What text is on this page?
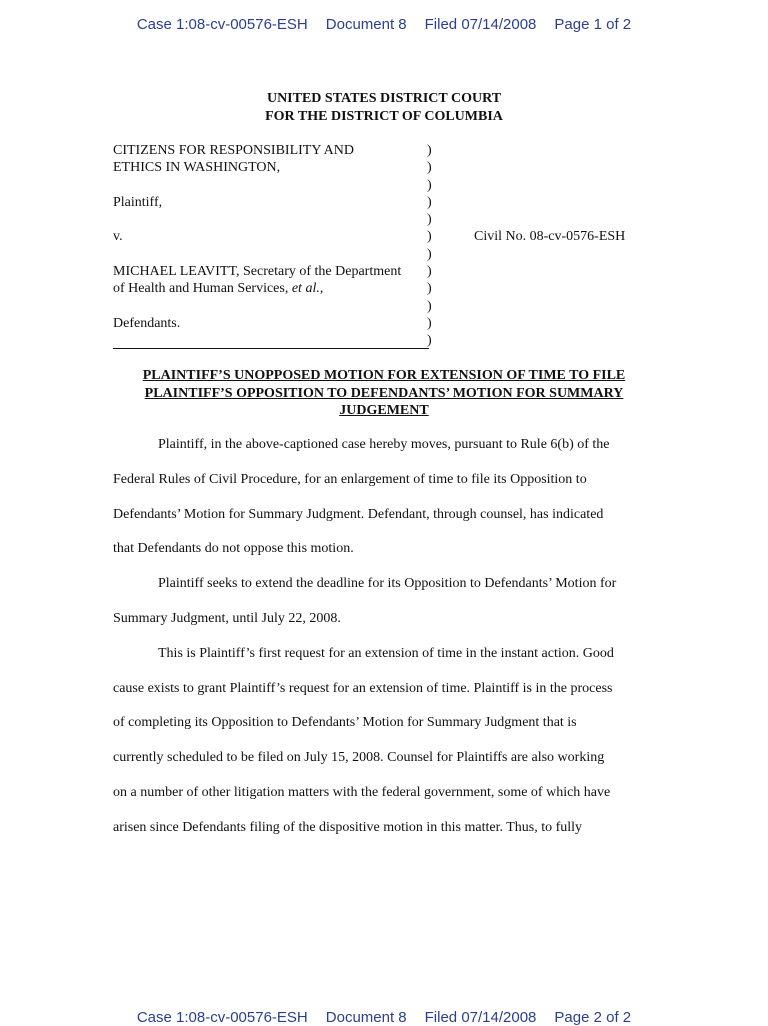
Case 1:08-cv-00576-ESH Document 8 Filed 07/14/2008 Page 1 of 2
UNITED STATES DISTRICT COURT
FOR THE DISTRICT OF COLUMBIA
CITIZENS FOR RESPONSIBILITY AND
ETHICS IN WASHINGTON,
Plaintiff,
v.
MICHAEL LEAVITT, Secretary of the Department
of Health and Human Services, et al.,
Defendants.
)
)
)
)
)
)
)
)
)
)
)
)
Civil No. 08-cv-0576-ESH
PLAINTIFF’S UNOPPOSED MOTION FOR EXTENSION OF TIME TO FILE
PLAINTIFF’S OPPOSITION TO DEFENDANTS’ MOTION FOR SUMMARY
JUDGEMENT
Plaintiff, in the above-captioned case hereby moves, pursuant to Rule 6(b) of the
Federal Rules of Civil Procedure, for an enlargement of time to file its Opposition to
Defendants’ Motion for Summary Judgment. Defendant, through counsel, has indicated
that Defendants do not oppose this motion.
Plaintiff seeks to extend the deadline for its Opposition to Defendants’ Motion for
Summary Judgment, until July 22, 2008.
This is Plaintiff’s first request for an extension of time in the instant action. Good
cause exists to grant Plaintiff’s request for an extension of time. Plaintiff is in the process
of completing its Opposition to Defendants’ Motion for Summary Judgment that is
currently scheduled to be filed on July 15, 2008. Counsel for Plaintiffs are also working
on a number of other litigation matters with the federal government, some of which have
arisen since Defendants filing of the dispositive motion in this matter. Thus, to fully
Case 1:08-cv-00576-ESH Document 8 Filed 07/14/2008 Page 2 of 2
